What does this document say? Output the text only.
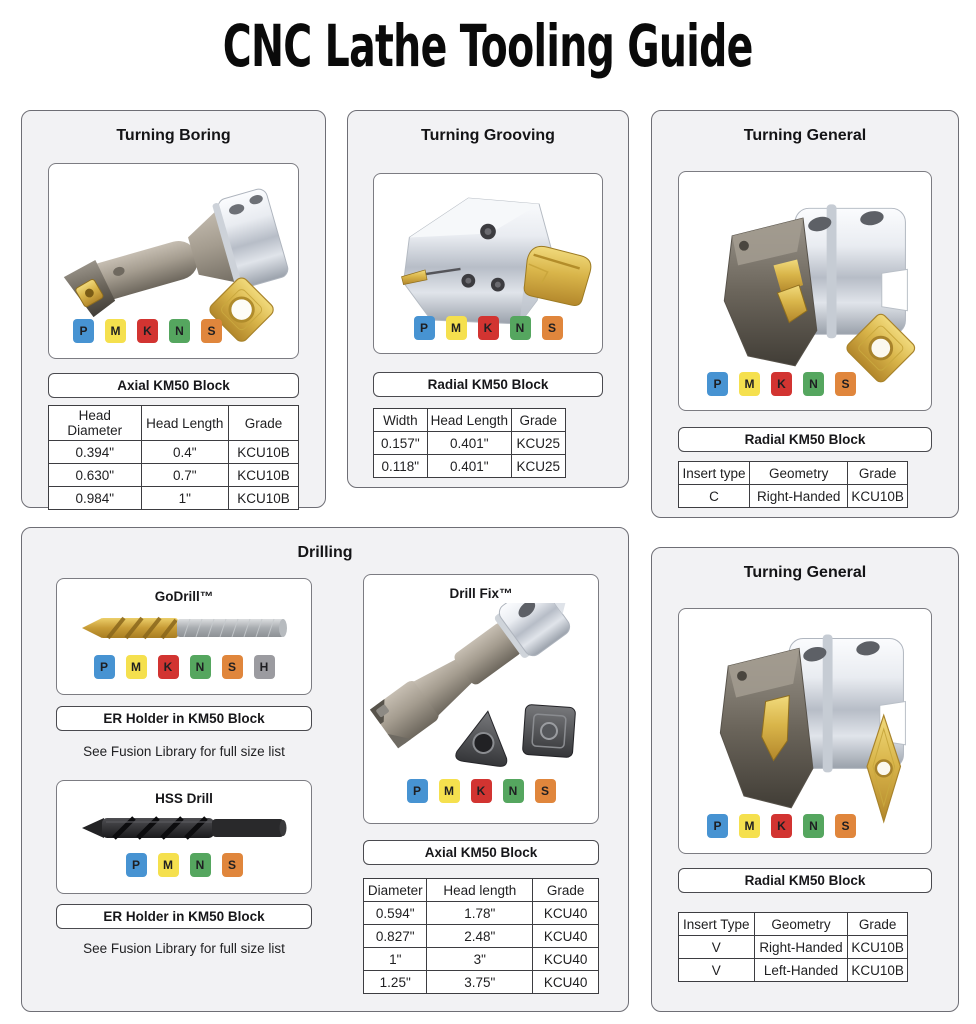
CNC Lathe Tooling Guide
Turning Boring
P	M	K	N	S
Axial KM50 Block
Head Diameter	Head Length	Grade
0.394"	0.4"	KCU10B
0.630"	0.7"	KCU10B
0.984"	1"	KCU10B
Turning Grooving
P	M	K	N	S
Radial KM50 Block
Width	Head Length	Grade
0.157"	0.401"	KCU25
0.118"	0.401"	KCU25
Turning General
P	M	K	N	S
Radial KM50 Block
Insert type	Geometry	Grade
C	Right-Handed	KCU10B
Drilling
GoDrill™
P	M	K	N	S	H
ER Holder in KM50 Block
See Fusion Library for full size list
HSS Drill
P	M	N	S
ER Holder in KM50 Block
See Fusion Library for full size list
Drill Fix™
P	M	K	N	S
Axial KM50 Block
Diameter	Head length	Grade
0.594"	1.78"	KCU40
0.827"	2.48"	KCU40
1"	3"	KCU40
1.25"	3.75"	KCU40
Turning General
P	M	K	N	S
Radial KM50 Block
Insert Type	Geometry	Grade
V	Right-Handed	KCU10B
V	Left-Handed	KCU10B
